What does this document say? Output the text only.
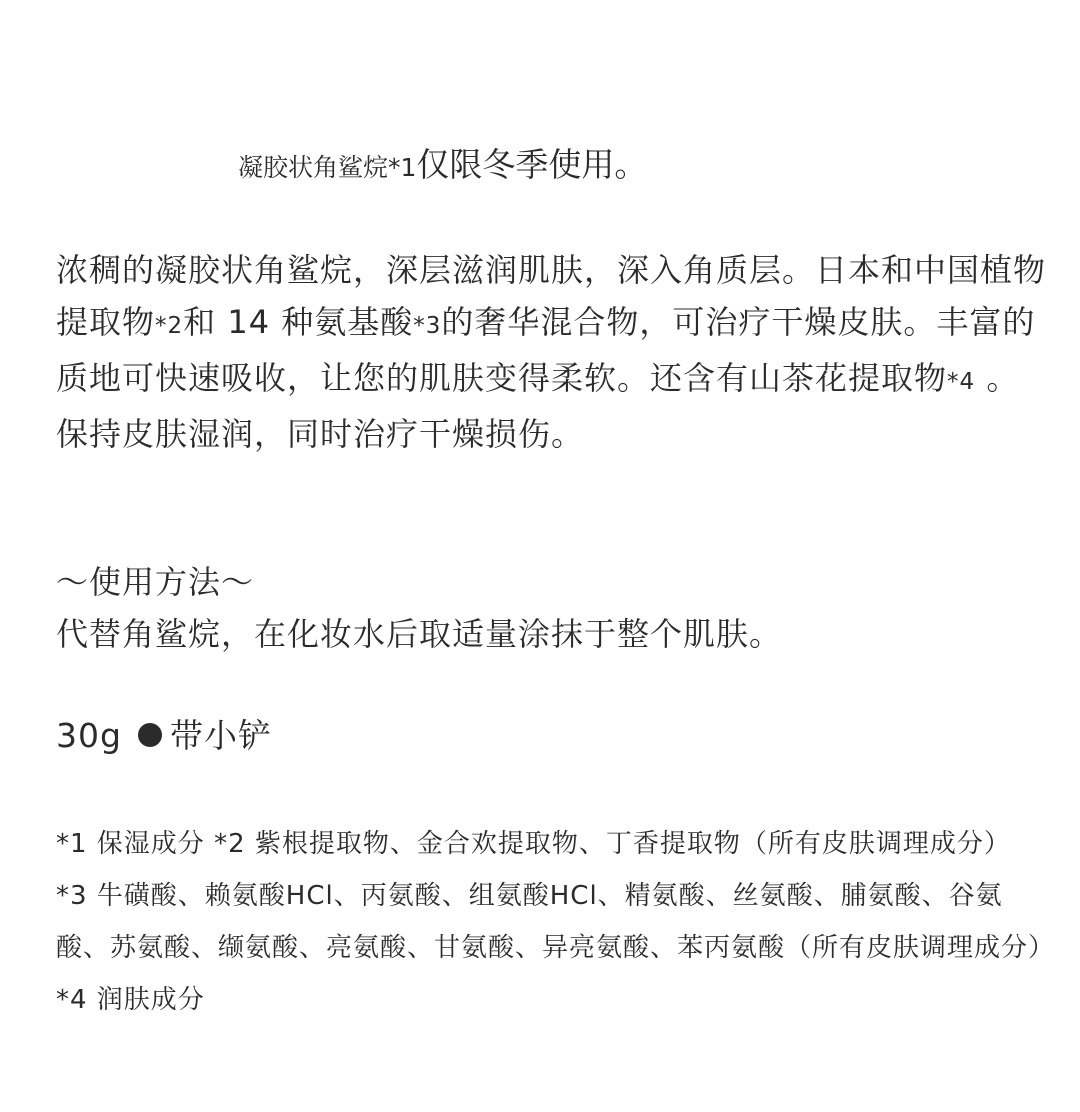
凝胶状角鲨烷*1仅限冬季使用。

浓稠的凝胶状角鲨烷，深层滋润肌肤，深入角质层。日本和中国植物提取物*2和 14 种氨基酸*3的奢华混合物，可治疗干燥皮肤。丰富的质地可快速吸收，让您的肌肤变得柔软。还含有山茶花提取物*4 。保持皮肤湿润，同时治疗干燥损伤。

～使用方法～

代替角鲨烷，在化妆水后取适量涂抹于整个肌肤。

30g 带小铲

*1 保湿成分 *2 紫根提取物、金合欢提取物、丁香提取物（所有皮肤调理成分） *3 牛磺酸、赖氨酸HCl、丙氨酸、组氨酸HCl、精氨酸、丝氨酸、脯氨酸、谷氨酸、苏氨酸、缬氨酸、亮氨酸、甘氨酸、异亮氨酸、苯丙氨酸（所有皮肤调理成分）*4 润肤成分
